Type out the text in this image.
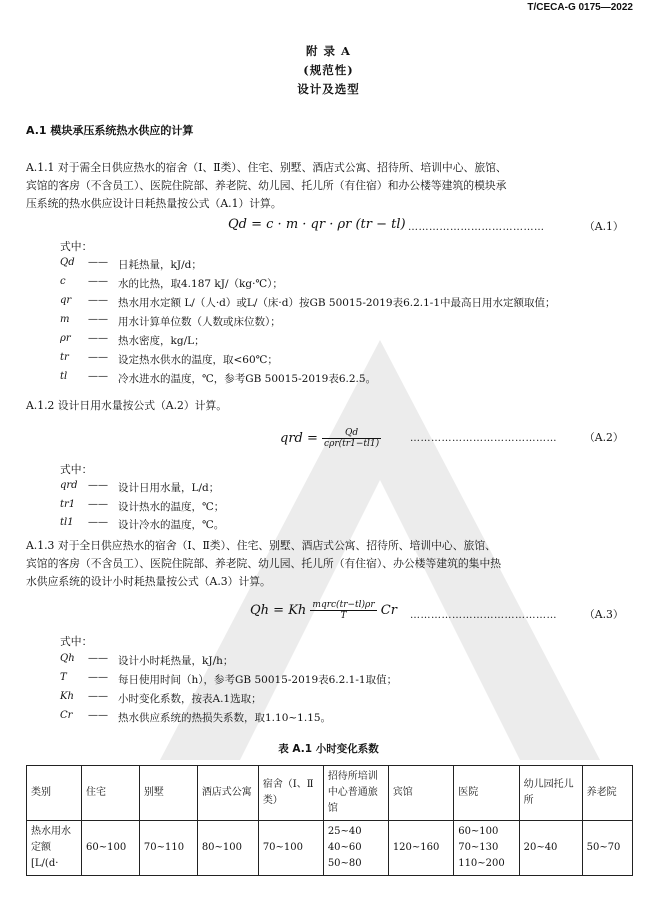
T/CECA-G 0175—2022
附 录 A
(规范性)
设计及选型
A.1 模块承压系统热水供应的计算
A.1.1 对于需全日供应热水的宿舍（Ⅰ、Ⅱ类）、住宅、别墅、酒店式公寓、招待所、培训中心、旅馆、
宾馆的客房（不含员工）、医院住院部、养老院、幼儿园、托儿所（有住宿）和办公楼等建筑的模块承
压系统的热水供应设计日耗热量按公式（A.1）计算。
Qd = c · m · qr · ρr (tr − tl) …………………………………	（A.1）
式中：
Qd —— 日耗热量，kJ/d；
c —— 水的比热，取4.187 kJ/（kg·℃）；
qr —— 热水用水定额 L/（人·d）或L/（床·d）按GB 50015-2019表6.2.1-1中最高日用水定额取值；
m —— 用水计算单位数（人数或床位数）；
ρr —— 热水密度，kg/L；
tr —— 设定热水供水的温度，取<60℃；
tl —— 冷水进水的温度，℃，参考GB 50015-2019表6.2.5。
A.1.2 设计日用水量按公式（A.2）计算。
qrd = $\frac{Qd}{\text{cρr(tr1−tl1)}}$	……………………………………	（A.2）
式中：
qrd —— 设计日用水量，L/d；
tr1 —— 设计热水的温度，℃；
tl1 —— 设计冷水的温度，℃。
A.1.3 对于全日供应热水的宿舍（Ⅰ、Ⅱ类）、住宅、别墅、酒店式公寓、招待所、培训中心、旅馆、
宾馆的客房（不含员工）、医院住院部、养老院、幼儿园、托儿所（有住宿）、办公楼等建筑的集中热
水供应系统的设计小时耗热量按公式（A.3）计算。
Qh = Kh $\frac{\text{mqrc(tr−tl)ρr}}{T}$ Cr ……………………………………	（A.3）
式中：
Qh —— 设计小时耗热量，kJ/h；
T —— 每日使用时间（h），参考GB 50015-2019表6.2.1-1取值；
Kh —— 小时变化系数，按表A.1选取；
Cr —— 热水供应系统的热损失系数，取1.10~1.15。
表 A.1 小时变化系数
类别	住宅	别墅	酒店式公寓	宿舍（Ⅰ、Ⅱ类）	招待所培训中心普通旅馆	宾馆	医院	幼儿园托儿所	养老院
热水用水定额[L/(d·	60~100	70~110	80~100	70~100	25~40
40~60
50~80	120~160	60~100
70~130
110~200	20~40	50~70
